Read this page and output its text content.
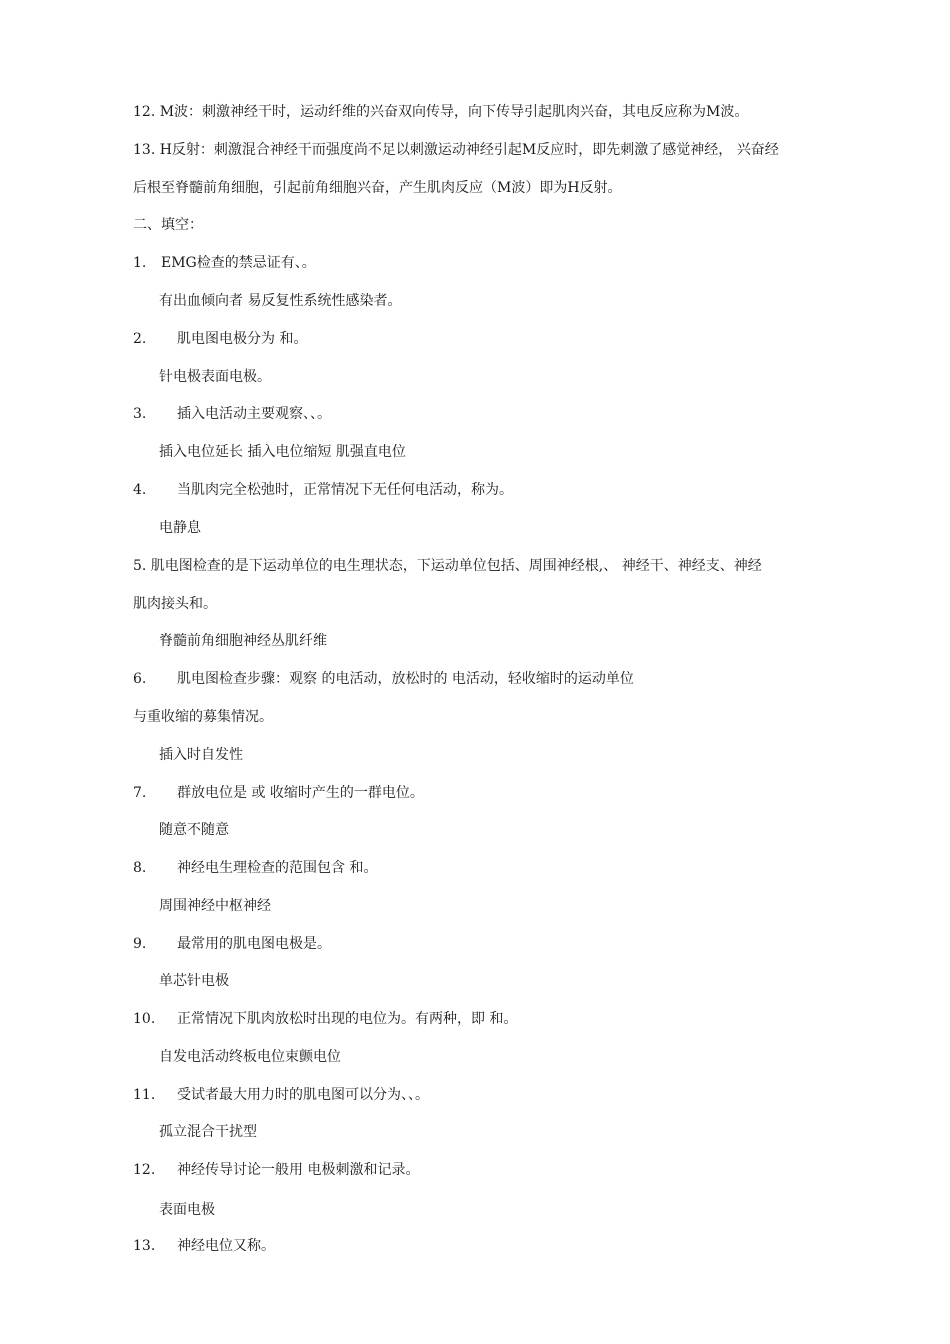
12. M波：刺激神经干时，运动纤维的兴奋双向传导，向下传导引起肌肉兴奋，其电反应称为M波。
13. H反射：刺激混合神经干而强度尚不足以刺激运动神经引起M反应时，即先刺激了感觉神经， 兴奋经
后根至脊髓前角细胞，引起前角细胞兴奋，产生肌肉反应（M波）即为H反射。
二、填空：
1. EMG检查的禁忌证有、。
有出血倾向者 易反复性系统性感染者。
2. 肌电图电极分为 和。
针电极表面电极。
3. 插入电活动主要观察、、。
插入电位延长 插入电位缩短 肌强直电位
4. 当肌肉完全松弛时，正常情况下无任何电活动，称为。
电静息
5. 肌电图检查的是下运动单位的电生理状态，下运动单位包括、周围神经根,、 神经干、神经支、神经
肌肉接头和。
脊髓前角细胞神经丛肌纤维
6. 肌电图检查步骤：观察 的电活动，放松时的 电活动，轻收缩时的运动单位
与重收缩的募集情况。
插入时自发性
7. 群放电位是 或 收缩时产生的一群电位。
随意不随意
8. 神经电生理检查的范围包含 和。
周围神经中枢神经
9. 最常用的肌电图电极是。
单芯针电极
10. 正常情况下肌肉放松时出现的电位为。有两种，即 和。
自发电活动终板电位束颤电位
11. 受试者最大用力时的肌电图可以分为、、。
孤立混合干扰型
12. 神经传导讨论一般用 电极刺激和记录。
表面电极
13. 神经电位又称。
